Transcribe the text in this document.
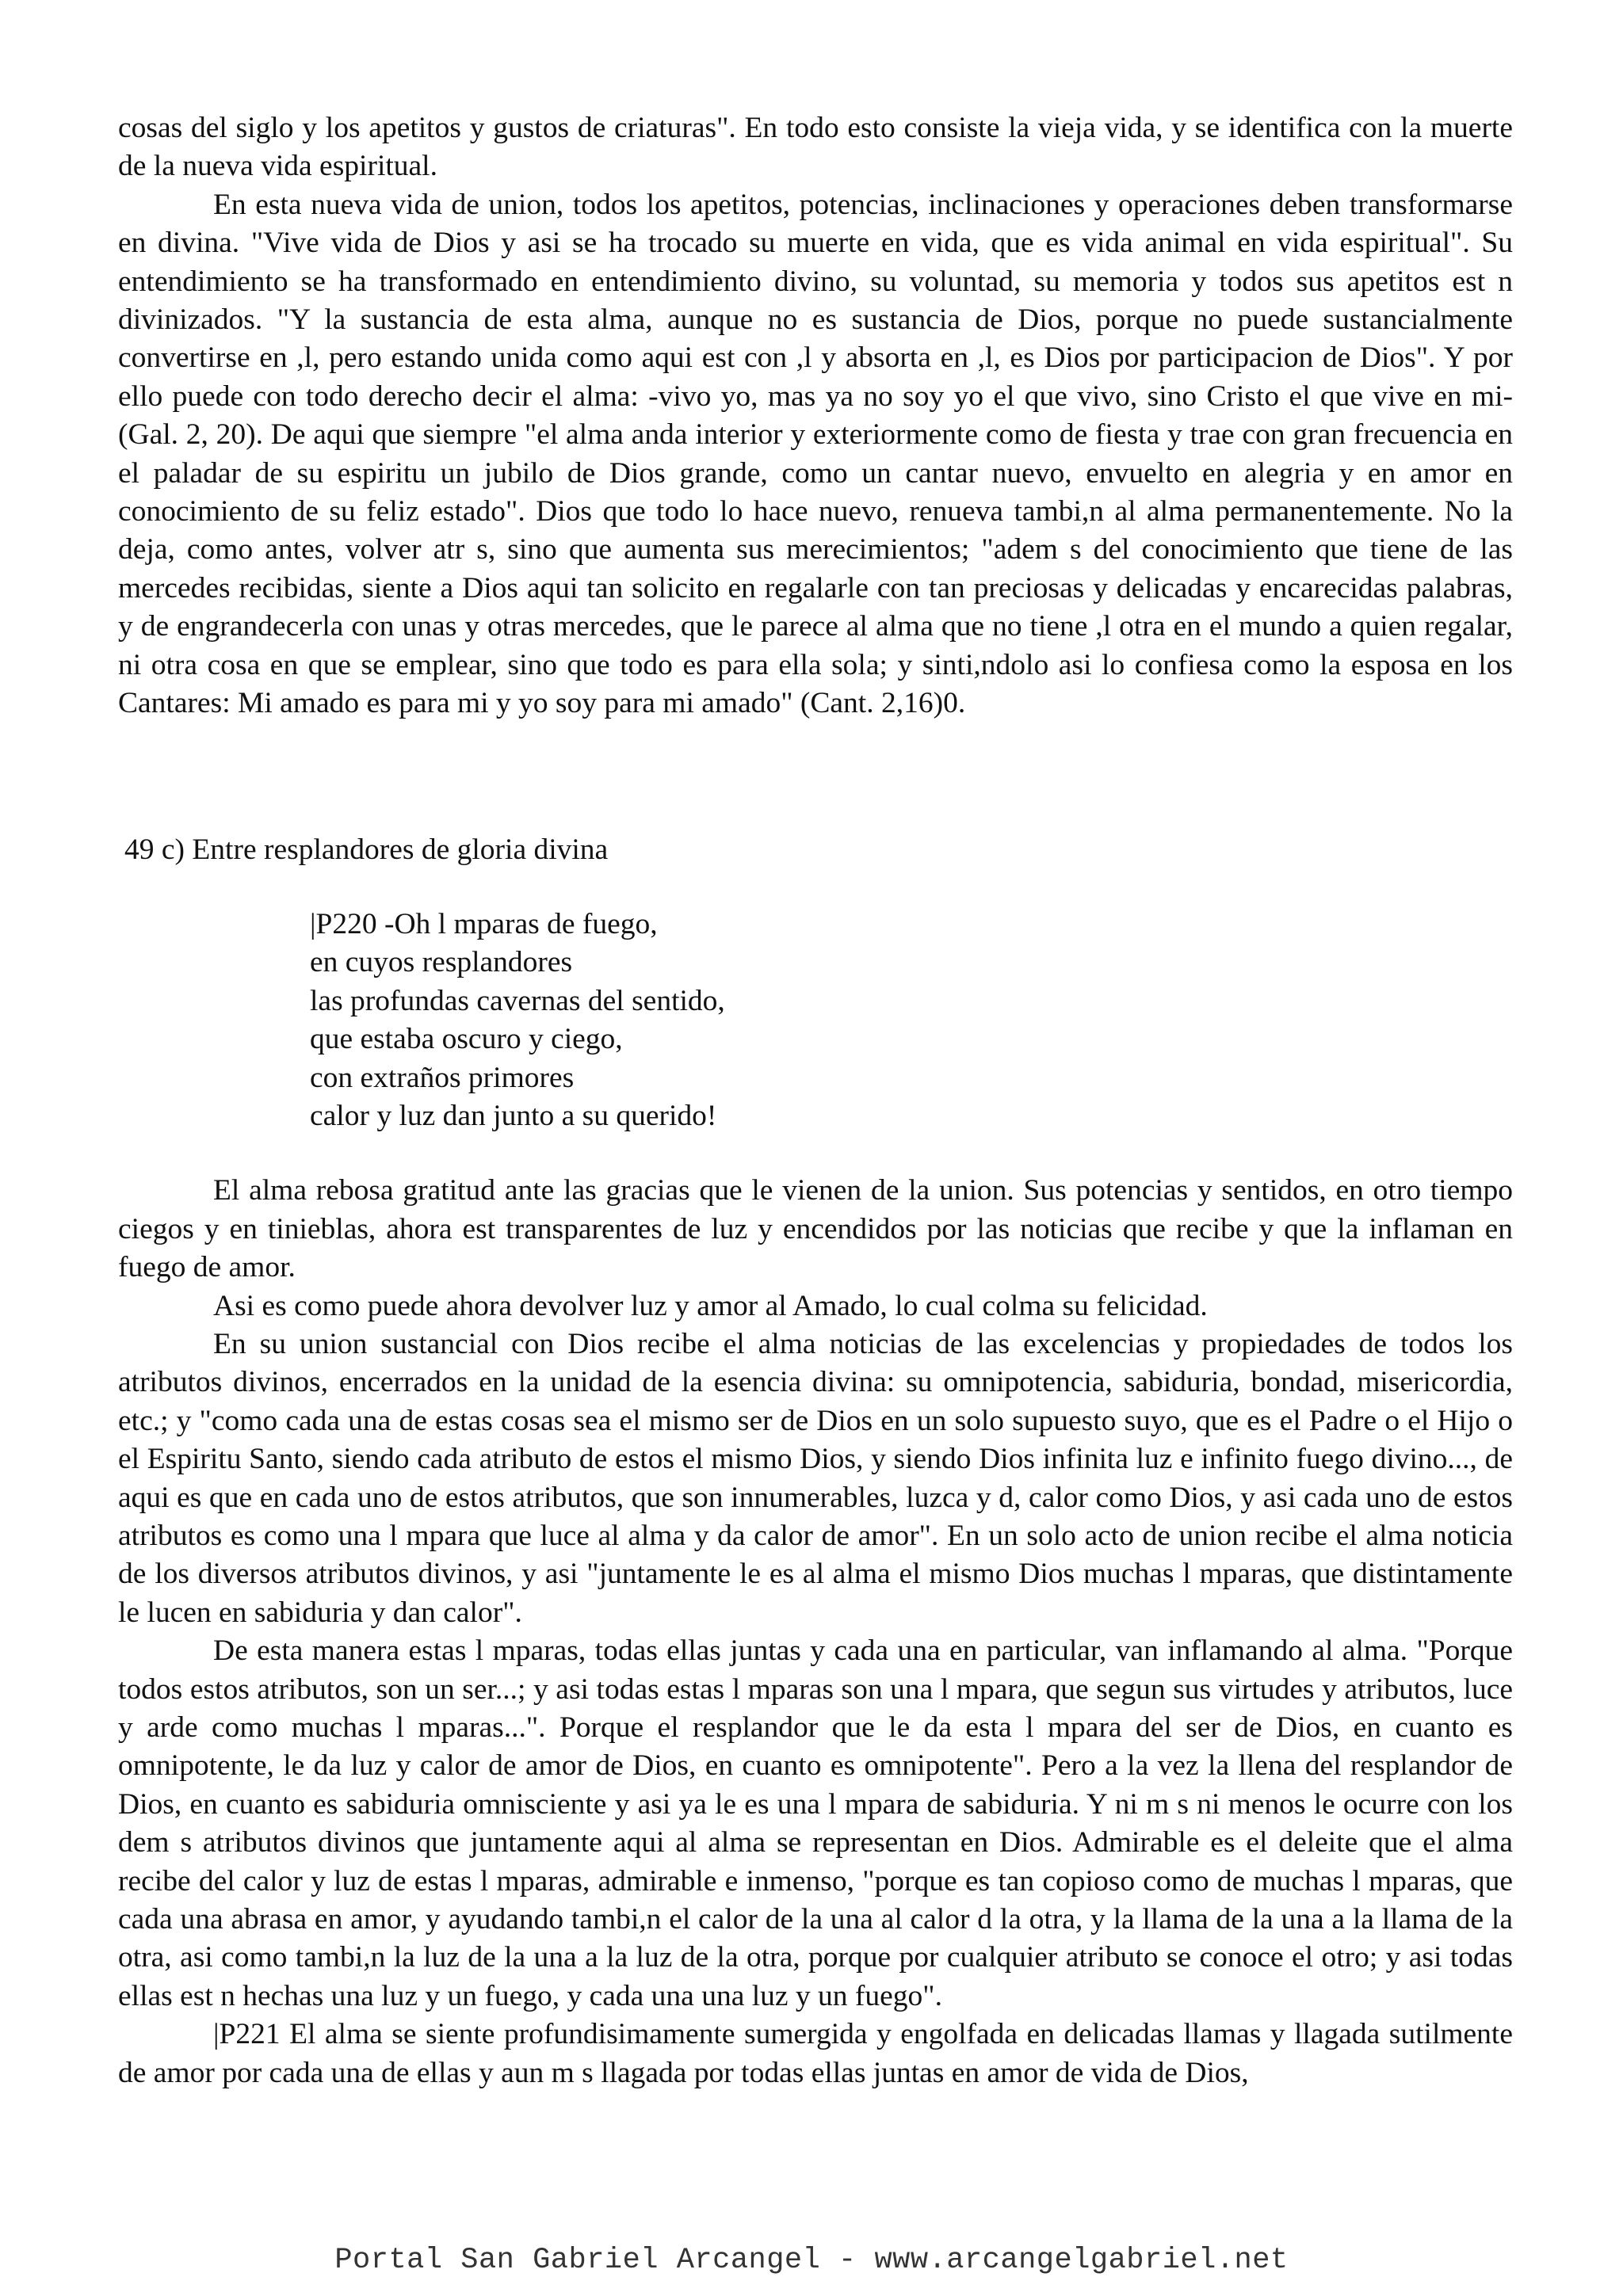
cosas del siglo y los apetitos y gustos de criaturas". En todo esto consiste la vieja vida, y se identifica con la muerte de la nueva vida espiritual.

En esta nueva vida de union, todos los apetitos, potencias, inclinaciones y operaciones deben transformarse en divina. "Vive vida de Dios y asi se ha trocado su muerte en vida, que es vida animal en vida espiritual". Su entendimiento se ha transformado en entendimiento divino, su voluntad, su memoria y todos sus apetitos est n divinizados. "Y la sustancia de esta alma, aunque no es sustancia de Dios, porque no puede sustancialmente convertirse en ,l, pero estando unida como aqui est con ,l y absorta en ,l, es Dios por participacion de Dios". Y por ello puede con todo derecho decir el alma: -vivo yo, mas ya no soy yo el que vivo, sino Cristo el que vive en mi- (Gal. 2, 20). De aqui que siempre "el alma anda interior y exteriormente como de fiesta y trae con gran frecuencia en el paladar de su espiritu un jubilo de Dios grande, como un cantar nuevo, envuelto en alegria y en amor en conocimiento de su feliz estado". Dios que todo lo hace nuevo, renueva tambi,n al alma permanentemente. No la deja, como antes, volver atr s, sino que aumenta sus merecimientos; "adem s del conocimiento que tiene de las mercedes recibidas, siente a Dios aqui tan solicito en regalarle con tan preciosas y delicadas y encarecidas palabras, y de engrandecerla con unas y otras mercedes, que le parece al alma que no tiene ,l otra en el mundo a quien regalar, ni otra cosa en que se emplear, sino que todo es para ella sola; y sinti,ndolo asi lo confiesa como la esposa en los Cantares: Mi amado es para mi y yo soy para mi amado" (Cant. 2,16)0.

49 c) Entre resplandores de gloria divina
|P220 -Oh l mparas de fuego,
en cuyos resplandores
las profundas cavernas del sentido,
que estaba oscuro y ciego,
con extraños primores
calor y luz dan junto a su querido!

El alma rebosa gratitud ante las gracias que le vienen de la union. Sus potencias y sentidos, en otro tiempo ciegos y en tinieblas, ahora est transparentes de luz y encendidos por las noticias que recibe y que la inflaman en fuego de amor.

Asi es como puede ahora devolver luz y amor al Amado, lo cual colma su felicidad.

En su union sustancial con Dios recibe el alma noticias de las excelencias y propiedades de todos los atributos divinos, encerrados en la unidad de la esencia divina: su omnipotencia, sabiduria, bondad, misericordia, etc.; y "como cada una de estas cosas sea el mismo ser de Dios en un solo supuesto suyo, que es el Padre o el Hijo o el Espiritu Santo, siendo cada atributo de estos el mismo Dios, y siendo Dios infinita luz e infinito fuego divino..., de aqui es que en cada uno de estos atributos, que son innumerables, luzca y d, calor como Dios, y asi cada uno de estos atributos es como una l mpara que luce al alma y da calor de amor". En un solo acto de union recibe el alma noticia de los diversos atributos divinos, y asi "juntamente le es al alma el mismo Dios muchas l mparas, que distintamente le lucen en sabiduria y dan calor".

De esta manera estas l mparas, todas ellas juntas y cada una en particular, van inflamando al alma. "Porque todos estos atributos, son un ser...; y asi todas estas l mparas son una l mpara, que segun sus virtudes y atributos, luce y arde como muchas l mparas...". Porque el resplandor que le da esta l mpara del ser de Dios, en cuanto es omnipotente, le da luz y calor de amor de Dios, en cuanto es omnipotente". Pero a la vez la llena del resplandor de Dios, en cuanto es sabiduria omnisciente y asi ya le es una l mpara de sabiduria. Y ni m s ni menos le ocurre con los dem s atributos divinos que juntamente aqui al alma se representan en Dios. Admirable es el deleite que el alma recibe del calor y luz de estas l mparas, admirable e inmenso, "porque es tan copioso como de muchas l mparas, que cada una abrasa en amor, y ayudando tambi,n el calor de la una al calor d la otra, y la llama de la una a la llama de la otra, asi como tambi,n la luz de la una a la luz de la otra, porque por cualquier atributo se conoce el otro; y asi todas ellas est n hechas una luz y un fuego, y cada una una luz y un fuego".

|P221 El alma se siente profundisimamente sumergida y engolfada en delicadas llamas y llagada sutilmente de amor por cada una de ellas y aun m s llagada por todas ellas juntas en amor de vida de Dios,

Portal San Gabriel Arcangel - www.arcangelgabriel.net
